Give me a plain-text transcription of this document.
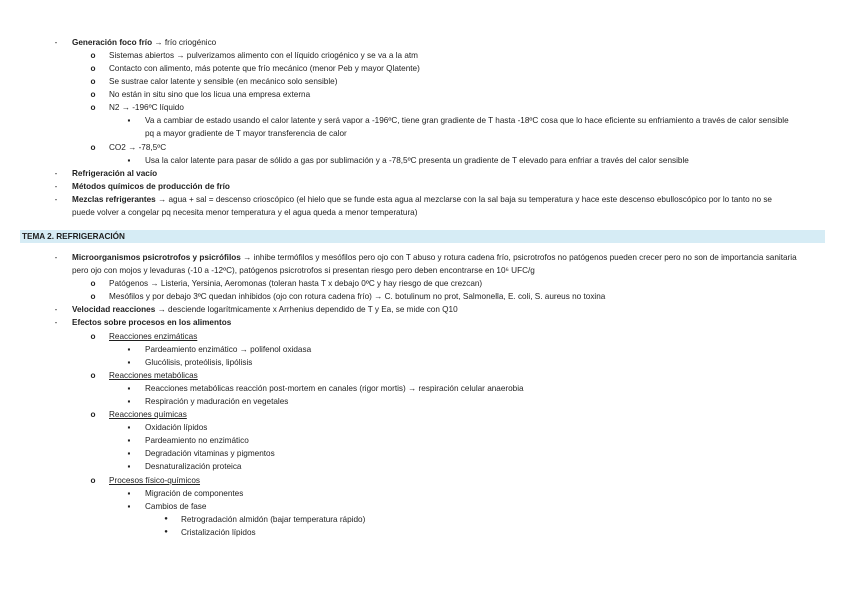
-	Generación foco frío → frío criogénico
o Sistemas abiertos → pulverizamos alimento con el líquido criogénico y se va a la atm
o Contacto con alimento, más potente que frío mecánico (menor Peb y mayor Qlatente)
o Se sustrae calor latente y sensible (en mecánico solo sensible)
o No están in situ sino que los licua una empresa externa
o N2 → -196ºC líquido
▪	Va a cambiar de estado usando el calor latente y será vapor a -196ºC, tiene gran gradiente de T hasta -18ºC cosa que lo hace eficiente su enfriamiento a través de calor sensible pq a mayor gradiente de T mayor transferencia de calor
o CO2 → -78,5ºC
▪	Usa la calor latente para pasar de sólido a gas por sublimación y a -78,5ºC presenta un gradiente de T elevado para enfriar a través del calor sensible
-	Refrigeración al vacío
-	Métodos químicos de producción de frío
-	Mezclas refrigerantes → agua + sal = descenso crioscópico (el hielo que se funde esta agua al mezclarse con la sal baja su temperatura y hace este descenso ebulloscópico por lo tanto no se puede volver a congelar pq necesita menor temperatura y el agua queda a menor temperatura)
TEMA 2. REFRIGERACIÓN
-	Microorganismos psicrotrofos y psicrófilos → inhibe termófilos y mesófilos pero ojo con T abuso y rotura cadena frío, psicrotrofos no patógenos pueden crecer pero no son de importancia sanitaria pero ojo con mojos y levaduras (-10 a -12ºC), patógenos psicrotrofos si presentan riesgo pero deben encontrarse en 10⁶ UFC/g
o Patógenos → Listeria, Yersinia, Aeromonas (toleran hasta T x debajo 0ºC y hay riesgo de que crezcan)
o Mesófilos y por debajo 3ºC quedan inhibidos (ojo con rotura cadena frío) → C. botulinum no prot, Salmonella, E. coli, S. aureus no toxina
-	Velocidad reacciones → desciende logarítmicamente x Arrhenius dependido de T y Ea, se mide con Q10
-	Efectos sobre procesos en los alimentos
o Reacciones enzimáticas
▪	Pardeamiento enzimático → polifenol oxidasa
▪	Glucólisis, proteólisis, lipólisis
o Reacciones metabólicas
▪	Reacciones metabólicas reacción post-mortem en canales (rigor mortis) → respiración celular anaerobia
▪	Respiración y maduración en vegetales
o Reacciones químicas
▪	Oxidación lípidos
▪	Pardeamiento no enzimático
▪	Degradación vitaminas y pigmentos
▪	Desnaturalización proteica
o Procesos físico-químicos
▪	Migración de componentes
▪	Cambios de fase
● Retrogradación almidón (bajar temperatura rápido)
● Cristalización lípidos
